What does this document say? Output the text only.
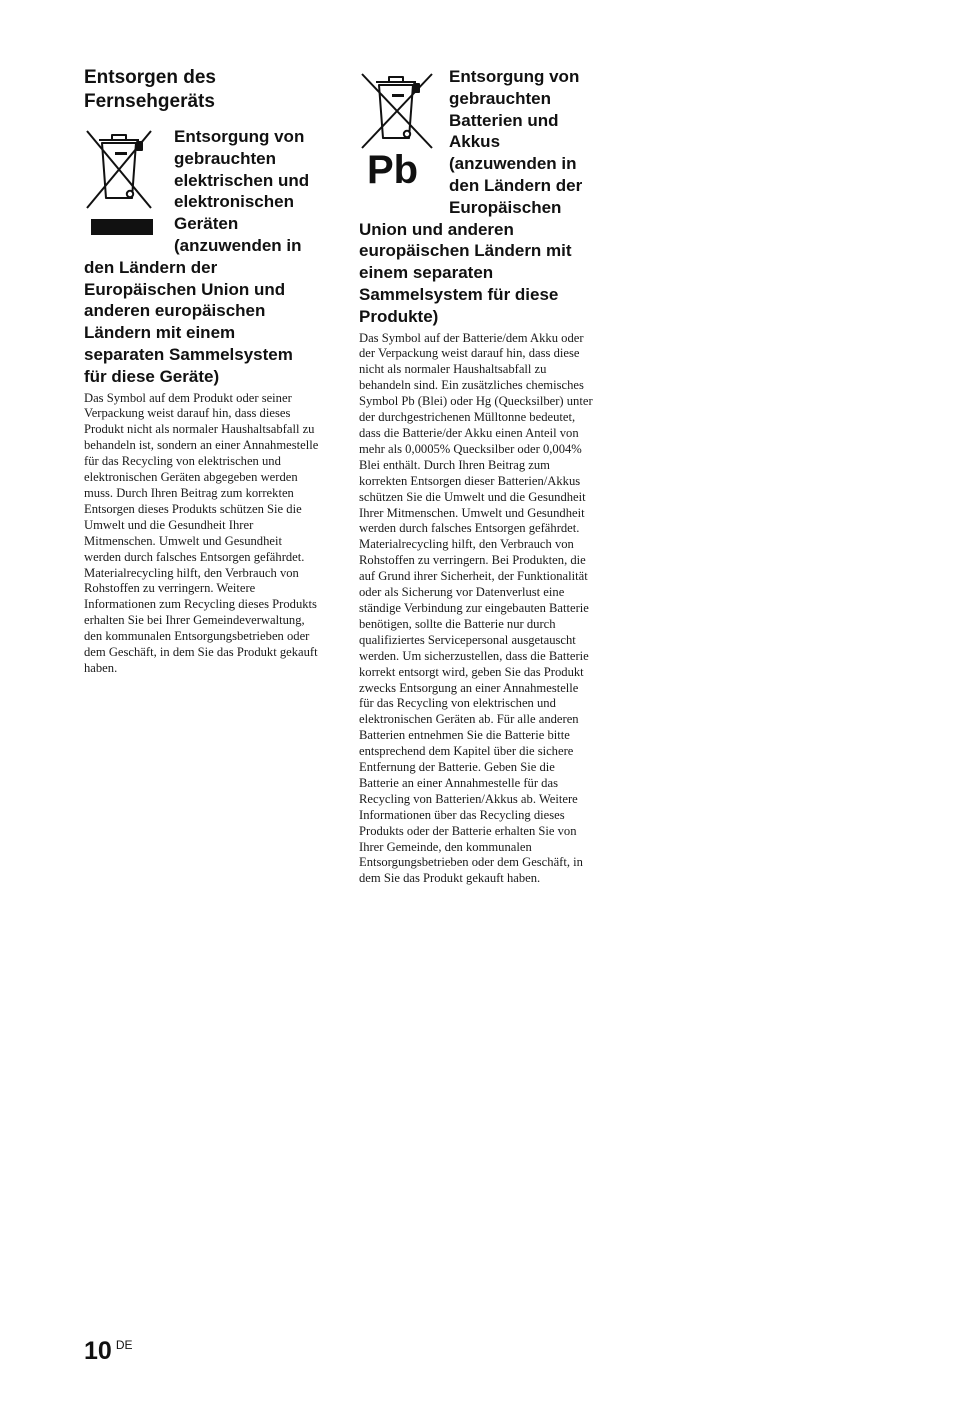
Entsorgen des Fernsehgeräts
Entsorgung von gebrauchten elektrischen und elektronischen Geräten (anzuwenden in den Ländern der Europäischen Union und anderen europäischen Ländern mit einem separaten Sammelsystem für diese Geräte)

Das Symbol auf dem Produkt oder seiner Verpackung weist darauf hin, dass dieses Produkt nicht als normaler Haushaltsabfall zu behandeln ist, sondern an einer Annahmestelle für das Recycling von elektrischen und elektronischen Geräten abgegeben werden muss. Durch Ihren Beitrag zum korrekten Entsorgen dieses Produkts schützen Sie die Umwelt und die Gesundheit Ihrer Mitmenschen. Umwelt und Gesundheit werden durch falsches Entsorgen gefährdet. Materialrecycling hilft, den Verbrauch von Rohstoffen zu verringern. Weitere Informationen zum Recycling dieses Produkts erhalten Sie bei Ihrer Gemeindeverwaltung, den kommunalen Entsorgungsbetrieben oder dem Geschäft, in dem Sie das Produkt gekauft haben.

Pb
Entsorgung von gebrauchten Batterien und Akkus (anzuwenden in den Ländern der Europäischen Union und anderen europäischen Ländern mit einem separaten Sammelsystem für diese Produkte)

Das Symbol auf der Batterie/dem Akku oder der Verpackung weist darauf hin, dass diese nicht als normaler Haushaltsabfall zu behandeln sind. Ein zusätzliches chemisches Symbol Pb (Blei) oder Hg (Quecksilber) unter der durchgestrichenen Mülltonne bedeutet, dass die Batterie/der Akku einen Anteil von mehr als 0,0005% Quecksilber oder 0,004% Blei enthält. Durch Ihren Beitrag zum korrekten Entsorgen dieser Batterien/Akkus schützen Sie die Umwelt und die Gesundheit Ihrer Mitmenschen. Umwelt und Gesundheit werden durch falsches Entsorgen gefährdet. Materialrecycling hilft, den Verbrauch von Rohstoffen zu verringern. Bei Produkten, die auf Grund ihrer Sicherheit, der Funktionalität oder als Sicherung vor Datenverlust eine ständige Verbindung zur eingebauten Batterie benötigen, sollte die Batterie nur durch qualifiziertes Servicepersonal ausgetauscht werden. Um sicherzustellen, dass die Batterie korrekt entsorgt wird, geben Sie das Produkt zwecks Entsorgung an einer Annahmestelle für das Recycling von elektrischen und elektronischen Geräten ab. Für alle anderen Batterien entnehmen Sie die Batterie bitte entsprechend dem Kapitel über die sichere Entfernung der Batterie. Geben Sie die Batterie an einer Annahmestelle für das Recycling von Batterien/Akkus ab. Weitere Informationen über das Recycling dieses Produkts oder der Batterie erhalten Sie von Ihrer Gemeinde, den kommunalen Entsorgungsbetrieben oder dem Geschäft, in dem Sie das Produkt gekauft haben.

10 $^{DE}$
